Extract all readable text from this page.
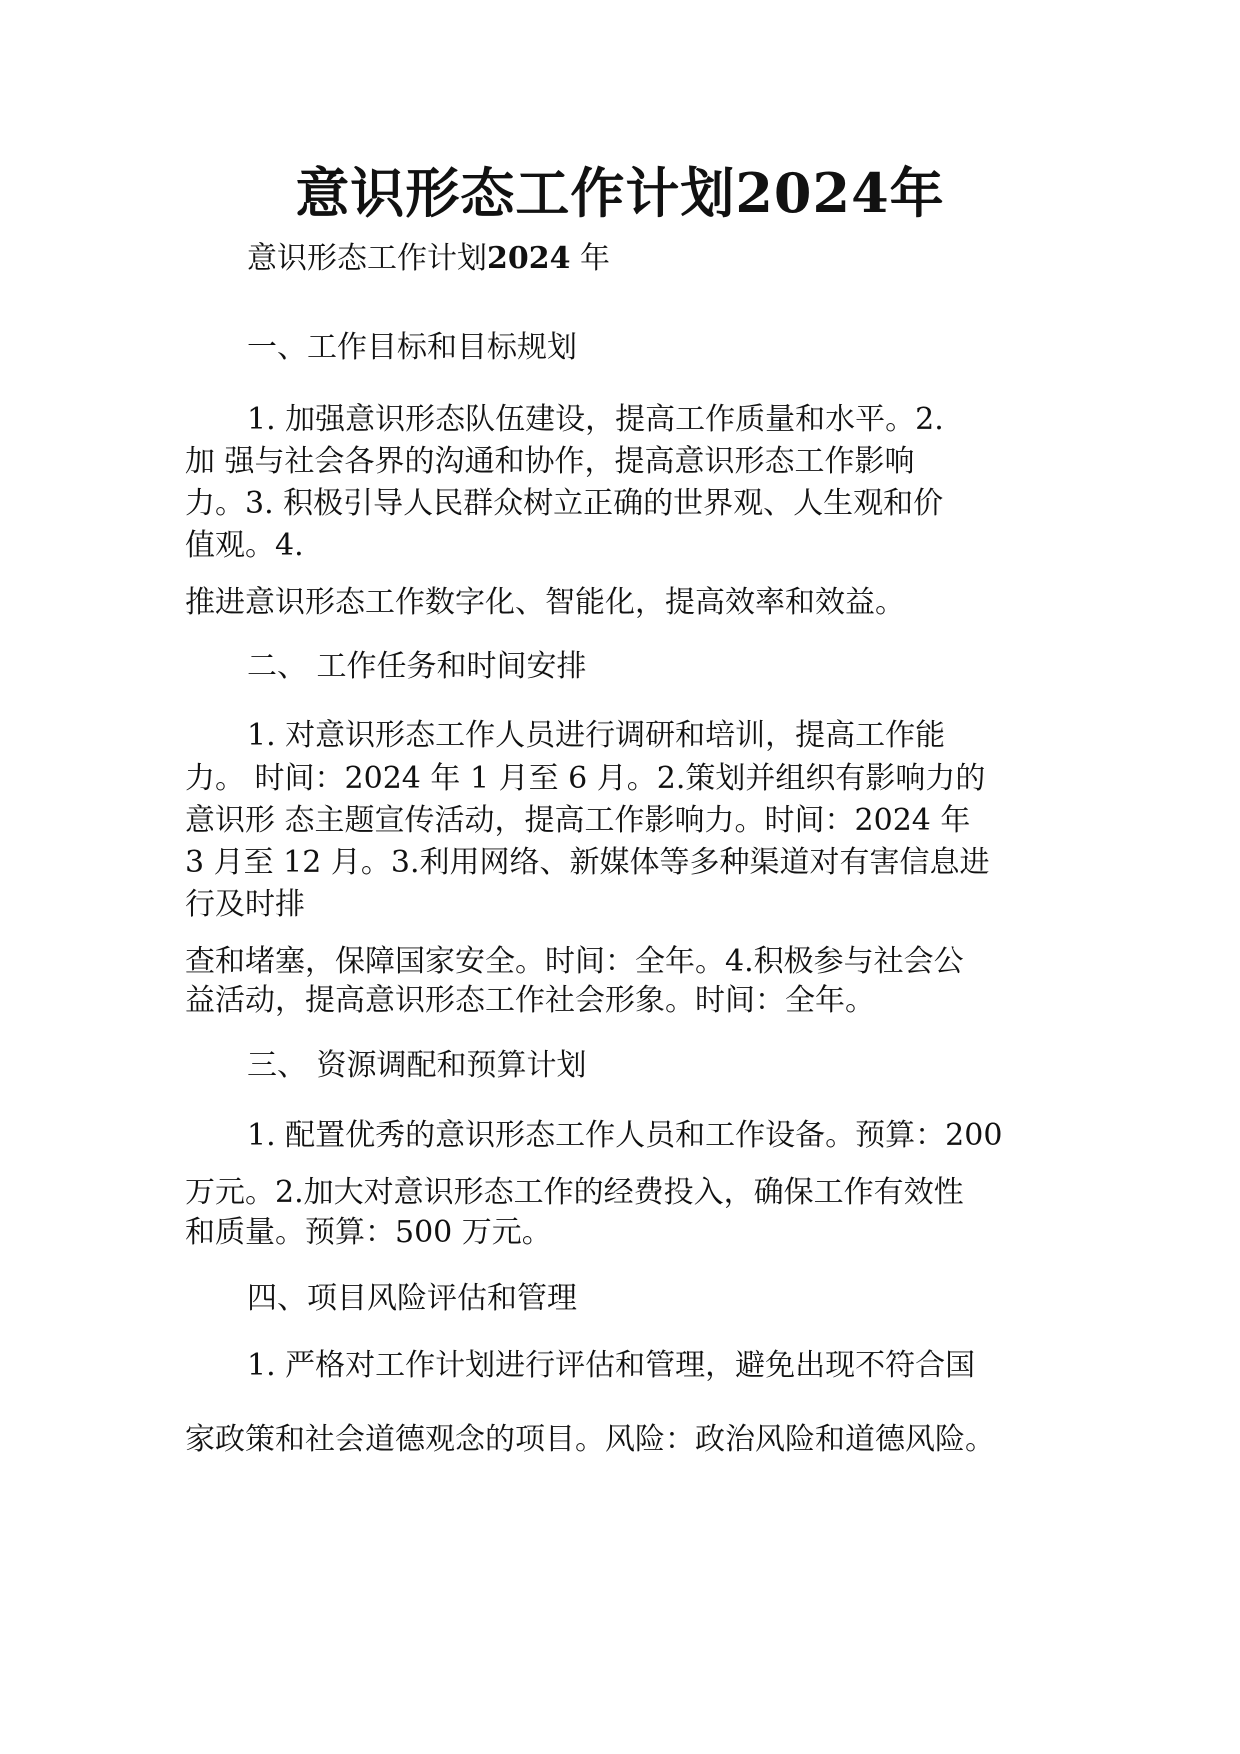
意识形态工作计划2024年
意识形态工作计划2024 年
一、工作目标和目标规划
1. 加强意识形态队伍建设，提高工作质量和水平。2.
加 强与社会各界的沟通和协作，提高意识形态工作影响
力。3. 积极引导人民群众树立正确的世界观、人生观和价
值观。4.
推进意识形态工作数字化、智能化，提高效率和效益。
二、 工作任务和时间安排
1. 对意识形态工作人员进行调研和培训，提高工作能
力。 时间：2024 年 1 月至 6 月。2.策划并组织有影响力的
意识形 态主题宣传活动，提高工作影响力。时间：2024 年
3 月至 12 月。3.利用网络、新媒体等多种渠道对有害信息进
行及时排
查和堵塞，保障国家安全。时间：全年。4.积极参与社会公
益活动，提高意识形态工作社会形象。时间：全年。
三、 资源调配和预算计划
1. 配置优秀的意识形态工作人员和工作设备。预算：200
万元。2.加大对意识形态工作的经费投入，确保工作有效性
和质量。预算：500 万元。
四、项目风险评估和管理
1. 严格对工作计划进行评估和管理，避免出现不符合国
家政策和社会道德观念的项目。风险：政治风险和道德风险。
